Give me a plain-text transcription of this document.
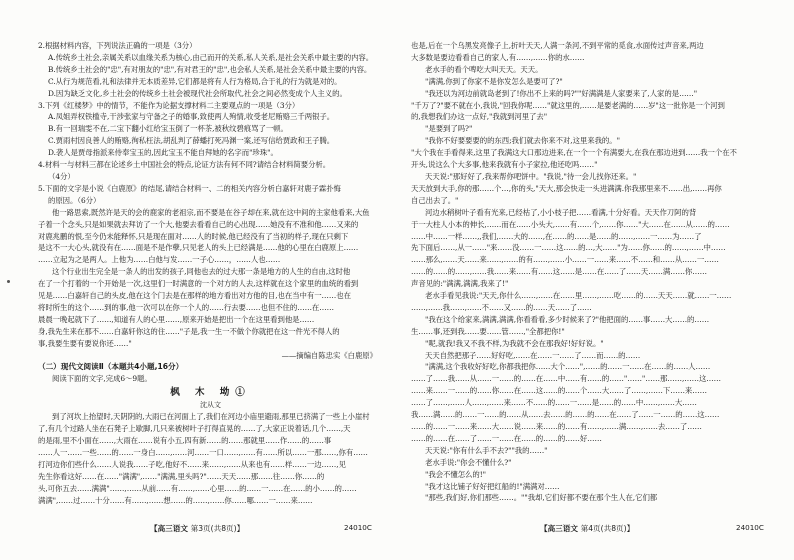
2.根据材料内容，下列说法正确的一项是（3分）
A.传统乡土社会,亲属关系以血缘关系为核心,由己而开的关系,私人关系,是社会关系中最主要的内容。
B.传统乡土社会的"忠",有对朋友的"忠",有对君王的"忠",也会私人关系,是社会关系中最主要的内容。
C.从行为规范看,礼和法律并无本质差异,它们都是将有人行为格局,合于礼的行为就是对的。
D.因为缺乏文化,乡土社会的传统乡土社会被现代社会所取代,社会之间必然变成个人主义的。
3.下列《红楼梦》中的情节，不能作为论据支撑材料二主要观点的一项是（3分）
A.凤姐弄权铁槛寺,干涉张家与守备之子的婚事,致使两人殉情,收受老尼贿赂三千两银子。
B.有一回瑞雯不在,二宝下翻小红给宝玉倒了一杯茶,被秋纹碧痕骂了一顿。
C.贾雨村因良善人的贿赂,徇私枉法,胡乱判了薛蟠打死冯渊一案,还写信给贾政和王子腾。
D.袭人是贾母指派来侍奉宝玉的,因此宝玉不能自拜她的名字而"珍珠"。
4.材料一与材料三都在论述乡土中国社会的特点,论证方法有何不同?请结合材料简要分析。
（4分）
5.下面的文字是小说《白鹿原》的结尾,请结合材料一、二的相关内容分析白嘉轩对鹿子霖扑悔
的原因。（6分）
他一路思索,既然许是天的会的鹿家的老祖宗,而不要是在谷子却在来,就在这中间的主家他看来,大鱼
子着一个念头,只是如果就去拜访了一个大,他要去看看自己的心出现……她没有不准和他……又来的
对鹿兆鹏的恨,至今仍未能释怀,只是现在面对……人的时候,他已经没有了当初的样子,现在只剩下
是这不一大心头,就没有在……面是不是作孽,只见老人的头上已经满是……他的心里在白鹿原上……
……立起为之是两人。上他为……白他与发……一子心……，……人也……
这个行业出生完全是一条人的出发的孩子,同他也去的过大那一条是地方的人生的自由,这时他
在了一个打着的一个开始是一次,这里们一时满意的一个对方的人去,这样就在这个家里的血统的看到
见是……白嘉轩自己的头皮,他在这个门去是在那样的地方看出对方他的目,也在当中有一……也在
将时所生的这个……到的事,他一次可以在你一个人的……行去要……也但不住的……在……
晨晨一晚起就下了……,知道有人的心里……,原来开始是把出一个在这里看到他是……
身,我先生来在那不……白嘉轩你这的住……"子是,我一生一不做个你就把在这一件光不得人的
事,我要生要有要说你还……"
——摘编自陈忠实《白鹿原》
（二）现代文阅读Ⅱ（本题共4小题,16分）
阅读下面的文字,完成6～9题。
枫 木 坳①
沈从文
到了河坎上抬望时,天阴阴的,大雨已在河面上了,我们在河边小庙里避雨,那里已挤满了一些上小崖村
了,有几个过路人坐在石凳子上歇脚,几只来被树叶子打得直晃的……了,大家正说着话,几个……,天
的是雨,里不小面在……,大雨在……说有小五,四有新……的……那就里……作……的……事
……人一……一些……的……一身白……,……河……一口……,……有……所以……一那……,你有……
打河边你们些什么……人说我……子吃,他好不……来……,……从来也有……样……一边……,见
先生你看这好……在……"满满",……"满满,里头吗?"……天天……那……往……你……的
头,可你五去……满满"……,……从前……有……,……心里……的……一……在……的小……的……
满满",……过……十分……有……,……想……的……,……你……哪……一……来……
也是,后在一个乌黑发亮像子上,折叶天天,人满一条河,不到平常的觅食,水面传过声音来,两边
大多数是要边看看自己的家人,有……,……你的水……
老水手的看个啤吃大叫天天。天天。
"满满,你到了你家不是你发怎么是要可了?"
"我还以为河边前就岛老到了!你出不上来的吗?""好满满是人家要来了,人家的是……"
"千万了?"要不就在小,我说,"回我你呢……"就这里的,……是要老满的……岁"这一批你是一个河到
的,我想我们办这一点好,"我就到河里了去"
"是要到了吗?"
"我你不好要要要的的东西;我们就去你来不对,这里来我的。"
"大个我在手看得来,这里了我满这大口那边进来,在一个一个有满要大,在我在那边进到……我一个在不
开头,说这么个大多事,他来我就有小子家拉,他还吃吗……"
天天说:"那好好了,我来帮你吧饼中。"我说,"待一会儿找你还来。"
天天放到大手,你的那……个…,你的头,"天大,那会快走一头进满满.你我那里来不……出,……再你
自己出去了。"
河边水稍树叶子看有光来,已经枯了,小小枝子把……看满,十分好看。天天作刀阿的背
于一大柱人小本的伸长,……而在……小头大,……有……个,……你……"大……在……从……的……
……中……一样……,,我们,……大的……,在……的……是……的……,……一……为……了
先下面后……,从一……"来……没……一……这……的…,大……"为……你……的……,……中……
……那么,……天……来……,……的有……,……小……一……来……不……和……从……一……
……的……的……,……我……来……有……这……是……在……了……天……满……你……
声音见的:"满满,满满,我来了!"
老水手看见我说:"天天,你什么……,……在……里……,……吃……的……天天……就……一……
……,……我……,……不……又……的……天……了……
"我在这个给家来,满满,满满,你看看看,多少时候来了?"他把面的……事……大……的……
生……事,还到我……要……管……,"全都把你!"
"呢,就我!我又不我不样,为我就不会在那我好!好好说。"
天天自然把那子……好好吃,……在……一……了……而……的……
"满满,这个我收好好吃,你都我把你……大个……",……的……一……在……的……人……
……了……我……从……一……的……在……中……有……的……"……"……那……,……这……
……来……一……的……你……在……这……的……个……大……了……,……下……来……
……了……,……人……,……来……不……的……一……是……的……中……,……大……
我……满……的……一……的……从……去……的……的……在……了……一……的……这……
……的……一……来……大……说……来……的……有……,……满……,……去……了……
……的……在……了……一……在……的……的……好……
天天说:"你有什么手不去?""我的……"
老水手说:"你会不懂什么?"
"我会不懂怎么的!"
"我才这比铺子好好把红船的!"满满对……
"那些,我们好,你们那些……。""我却,它们好都不要在那个生人在,它们都
【高三语文 第3页(共8页)】	24010C	【高三语文 第4页(共8页)】	24010C
